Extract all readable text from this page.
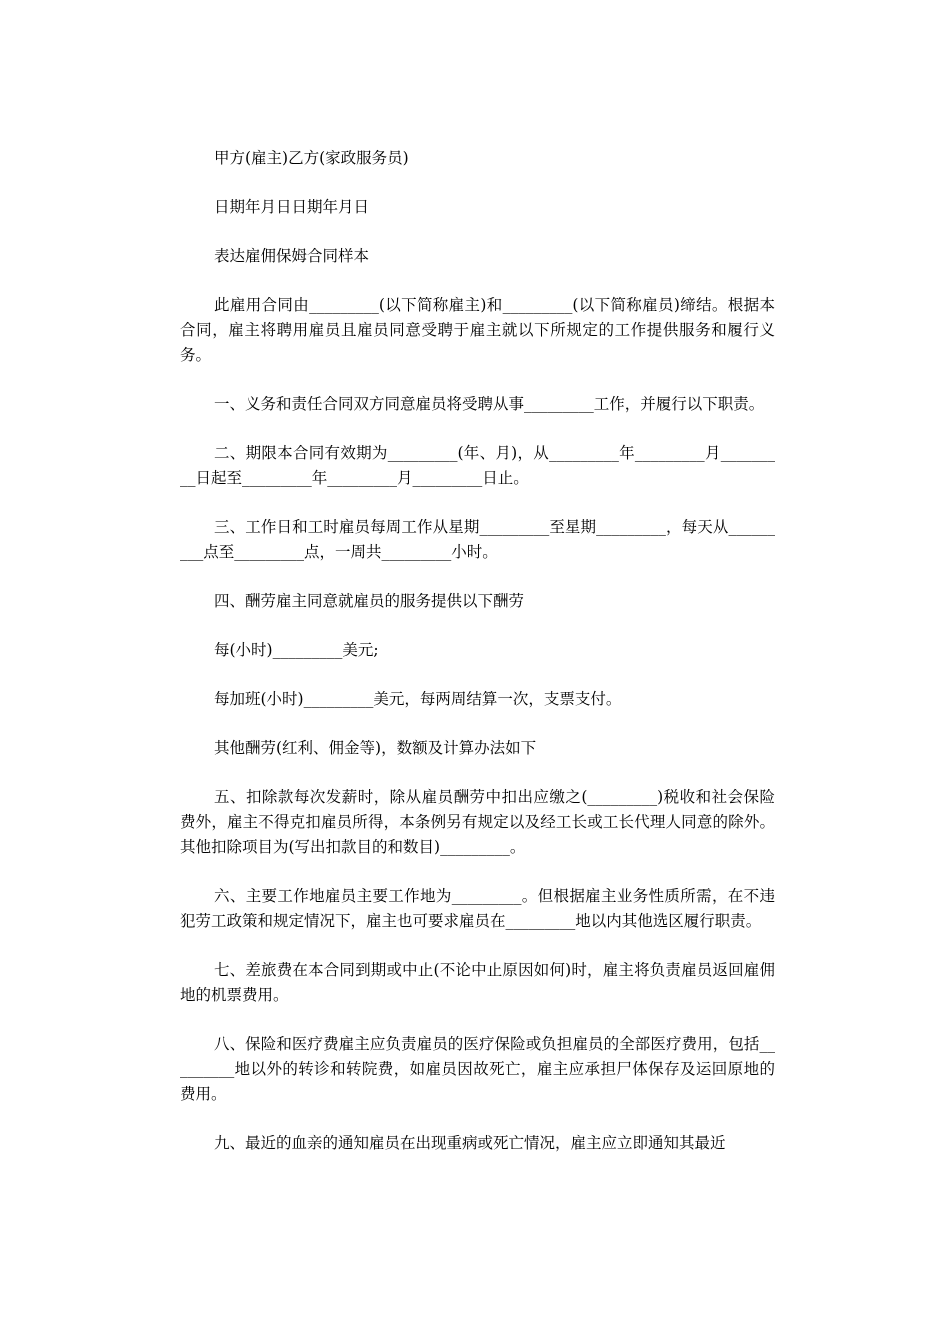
甲方(雇主)乙方(家政服务员)

日期年月日日期年月日

表达雇佣保姆合同样本

此雇用合同由_________(以下简称雇主)和_________(以下简称雇员)缔结。根据本合同，雇主将聘用雇员且雇员同意受聘于雇主就以下所规定的工作提供服务和履行义务。

一、义务和责任合同双方同意雇员将受聘从事_________工作，并履行以下职责。

二、期限本合同有效期为_________(年、月)，从_________年_________月_________日起至_________年_________月_________日止。

三、工作日和工时雇员每周工作从星期_________至星期_________，每天从_________点至_________点，一周共_________小时。

四、酬劳雇主同意就雇员的服务提供以下酬劳

每(小时)_________美元;

每加班(小时)_________美元，每两周结算一次，支票支付。

其他酬劳(红利、佣金等)，数额及计算办法如下

五、扣除款每次发薪时，除从雇员酬劳中扣出应缴之(_________)税收和社会保险费外，雇主不得克扣雇员所得，本条例另有规定以及经工长或工长代理人同意的除外。其他扣除项目为(写出扣款目的和数目)_________。

六、主要工作地雇员主要工作地为_________。但根据雇主业务性质所需，在不违犯劳工政策和规定情况下，雇主也可要求雇员在_________地以内其他选区履行职责。

七、差旅费在本合同到期或中止(不论中止原因如何)时，雇主将负责雇员返回雇佣地的机票费用。

八、保险和医疗费雇主应负责雇员的医疗保险或负担雇员的全部医疗费用，包括_________地以外的转诊和转院费，如雇员因故死亡，雇主应承担尸体保存及运回原地的费用。

九、最近的血亲的通知雇员在出现重病或死亡情况，雇主应立即通知其最近
